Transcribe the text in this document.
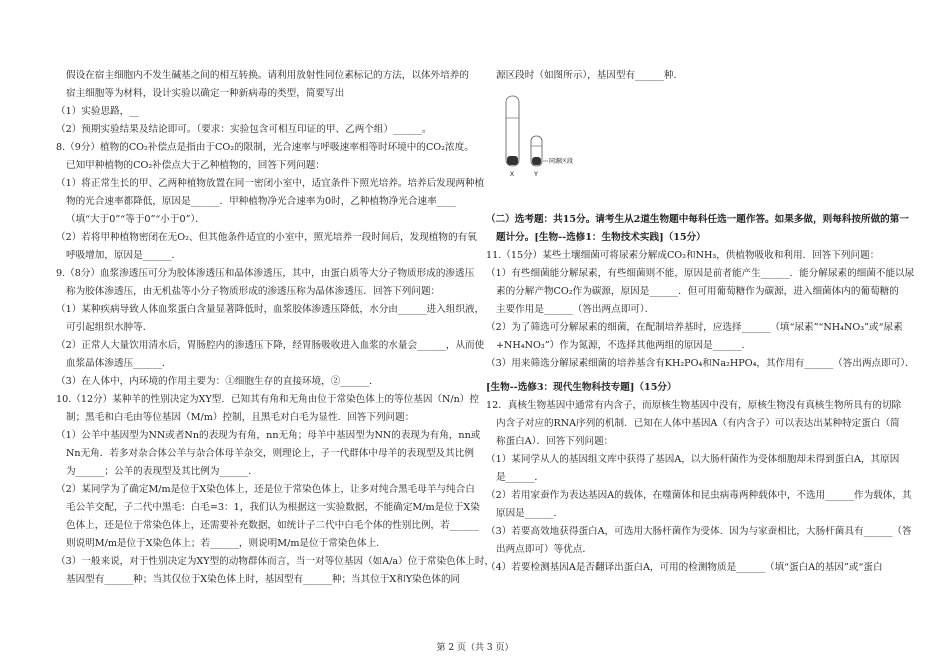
假设在宿主细胞内不发生碱基之间的相互转换。请利用放射性同位素标记的方法，以体外培养的
宿主细胞等为材料，设计实验以确定一种新病毒的类型，简要写出
（1）实验思路，__
（2）预期实验结果及结论即可。（要求：实验包含可相互印证的甲、乙两个组）______。
8.（9分）植物的CO₂补偿点是指由于CO₂的限制，光合速率与呼吸速率相等时环境中的CO₂浓度。
已知甲种植物的CO₂补偿点大于乙种植物的，回答下列问题：
（1）将正常生长的甲、乙两种植物放置在同一密闭小室中，适宜条件下照光培养。培养后发现两种植
物的光合速率都降低，原因是______．甲种植物净光合速率为0时，乙种植物净光合速率____
（填“大于0”“等于0”“小于0”）．
（2）若将甲种植物密闭在无O₂、但其他条件适宜的小室中，照光培养一段时间后，发现植物的有氧
呼吸增加，原因是______．
9.（8分）血浆渗透压可分为胶体渗透压和晶体渗透压，其中，由蛋白质等大分子物质形成的渗透压
称为胶体渗透压，由无机盐等小分子物质形成的渗透压称为晶体渗透压．回答下列问题：
（1）某种疾病导致人体血浆蛋白含量显著降低时，血浆胶体渗透压降低，水分由______进入组织液，
可引起组织水肿等．
（2）正常人大量饮用清水后，胃肠腔内的渗透压下降，经胃肠吸收进入血浆的水量会______，从而使
血浆晶体渗透压______．
（3）在人体中，内环境的作用主要为：①细胞生存的直接环境，②______．
10.（12分）某种羊的性别决定为XY型．已知其有角和无角由位于常染色体上的等位基因（N/n）控
制；黑毛和白毛由等位基因（M/m）控制，且黑毛对白毛为显性．回答下列问题：
（1）公羊中基因型为NN或者Nn的表现为有角，nn无角；母羊中基因型为NN的表现为有角，nn或
Nn无角．若多对杂合体公羊与杂合体母羊杂交，则理论上，子一代群体中母羊的表现型及其比例
为______；公羊的表现型及其比例为______．
（2）某同学为了确定M/m是位于X染色体上，还是位于常染色体上，让多对纯合黑毛母羊与纯合白
毛公羊交配，子二代中黑毛：白毛=3：1，我们认为根据这一实验数据，不能确定M/m是位于X染
色体上，还是位于常染色体上，还需要补充数据，如统计子二代中白毛个体的性别比例，若______
则说明M/m是位于X染色体上；若______，则说明M/m是位于常染色体上．
（3）一般来说，对于性别决定为XY型的动物群体而言，当一对等位基因（如A/a）位于常染色体上时，
基因型有______种；当其仅位于X染色体上时，基因型有______种；当其位于X和Y染色体的同
源区段时（如图所示），基因型有______种．
（二）选考题：共15分。请考生从2道生物题中每科任选一题作答。如果多做，则每科按所做的第一
题计分。[生物--选修1：生物技术实践]（15分）
11.（15分）某些土壤细菌可将尿素分解成CO₂和NH₃，供植物吸收和利用．回答下列问题：
（1）有些细菌能分解尿素，有些细菌则不能，原因是前者能产生______．能分解尿素的细菌不能以尿
素的分解产物CO₂作为碳源，原因是______．但可用葡萄糖作为碳源，进入细菌体内的葡萄糖的
主要作用是______（答出两点即可）．
（2）为了筛选可分解尿素的细菌，在配制培养基时，应选择______（填“尿素”“NH₄NO₃”或“尿素
+NH₄NO₃”）作为氮源，不选择其他两组的原因是______．
（3）用来筛选分解尿素细菌的培养基含有KH₂PO₄和Na₂HPO₄，其作用有______（答出两点即可）．
[生物--选修3：现代生物科技专题]（15分）
12．真核生物基因中通常有内含子，而原核生物基因中没有，原核生物没有真核生物所具有的切除
内含子对应的RNA序列的机制．已知在人体中基因A（有内含子）可以表达出某种特定蛋白（简
称蛋白A）．回答下列问题：
（1）某同学从人的基因组文库中获得了基因A，以大肠杆菌作为受体细胞却未得到蛋白A，其原因
是______．
（2）若用家蚕作为表达基因A的载体，在噬菌体和昆虫病毒两种载体中，不选用______作为载体，其
原因是______．
（3）若要高效地获得蛋白A，可选用大肠杆菌作为受体．因为与家蚕相比，大肠杆菌具有______（答
出两点即可）等优点．
（4）若要检测基因A是否翻译出蛋白A，可用的检测物质是______（填“蛋白A的基因”或“蛋白
X	Y
同源区段
第 2 页（共 3 页）
